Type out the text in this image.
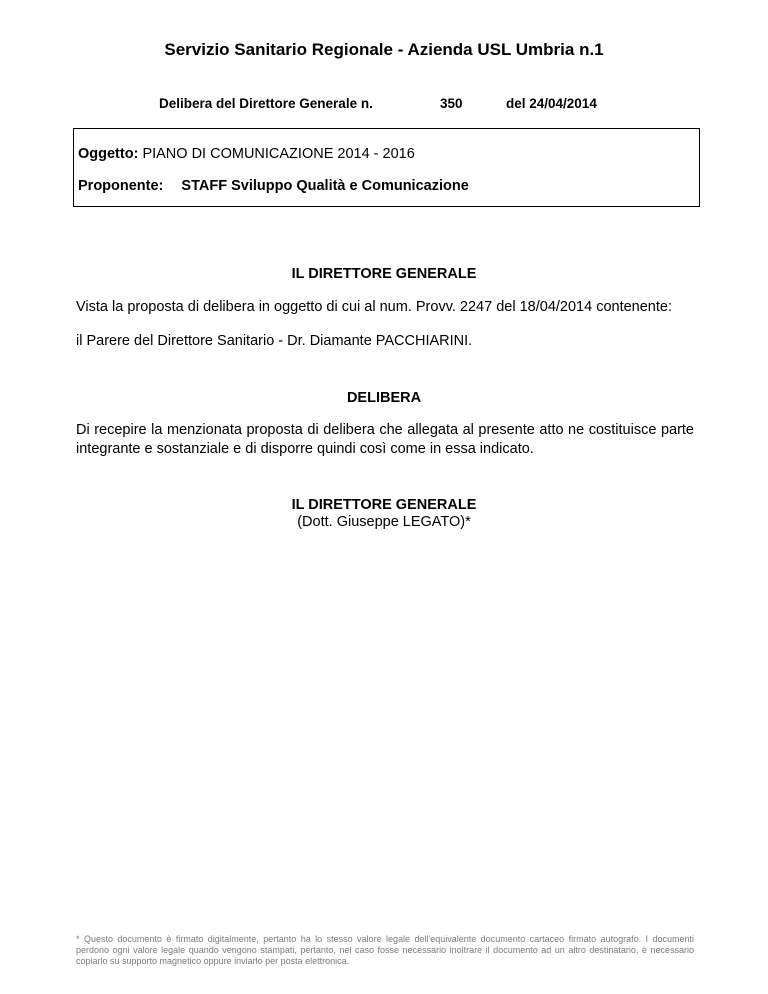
Servizio Sanitario Regionale - Azienda USL Umbria n.1
Delibera del Direttore Generale n.	350	del 24/04/2014
Oggetto: PIANO DI COMUNICAZIONE 2014 - 2016
Proponente: STAFF Sviluppo Qualità e Comunicazione
IL DIRETTORE GENERALE
Vista la proposta di delibera in oggetto di cui al num. Provv. 2247 del 18/04/2014 contenente:
il Parere del Direttore Sanitario - Dr. Diamante PACCHIARINI.
DELIBERA
Di recepire la menzionata proposta di delibera che allegata al presente atto ne costituisce parte integrante e sostanziale e di disporre quindi così come in essa indicato.
IL DIRETTORE GENERALE
(Dott. Giuseppe LEGATO)*
* Questo documento è firmato digitalmente, pertanto ha lo stesso valore legale dell'equivalente documento cartaceo firmato autografo. I documenti perdono ogni valore legale quando vengono stampati, pertanto, nel caso fosse necessario inoltrare il documento ad un altro destinatario, è necessario copiarlo su supporto magnetico oppure inviarlo per posta elettronica.
